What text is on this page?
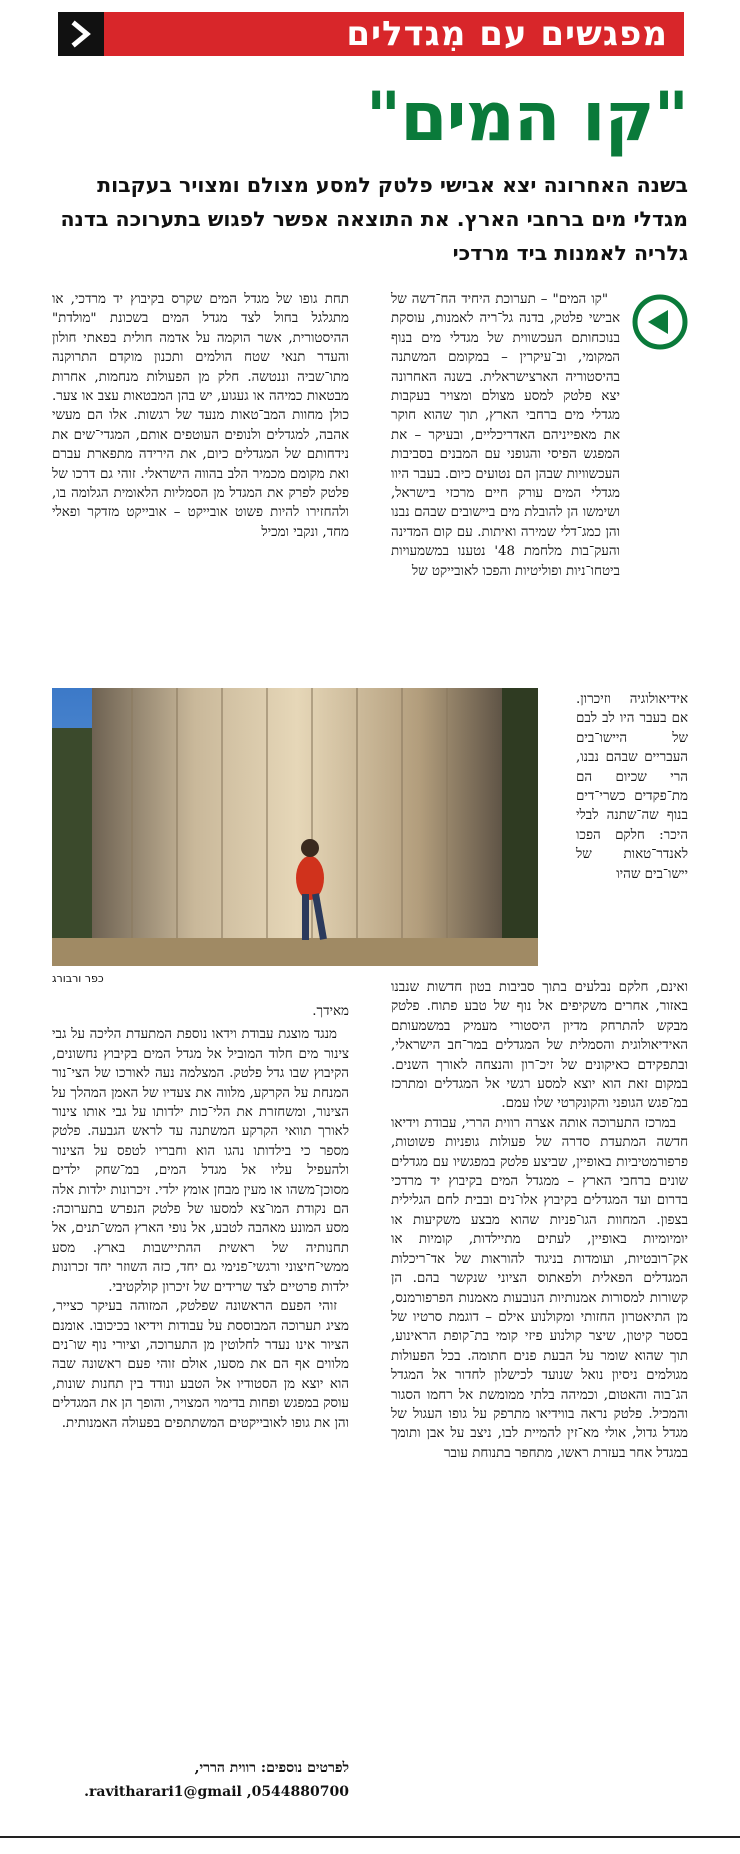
מפגשים עם מִגדלים
"קו המים"
בשנה האחרונה יצא אבישי פלטק למסע מצולם ומצויר בעקבות מגדלי מים ברחבי הארץ. את התוצאה אפשר לפגוש בתערוכה בדנה גלריה לאמנות ביד מרדכי

"קו המים" – תערוכת היחיד הח־דשה של אבישי פלטק, בדנה גל־ריה לאמנות, עוסקת בנוכחותם העכשווית של מגדלי מים בנוף המקומי, וב־עיקרין – במקומם המשתנה בהיסטוריה הארצישראלית. בשנה האחרונה יצא פלטק למסע מצולם ומצויר בעקבות מגדלי מים ברחבי הארץ, תוך שהוא חוקר את מאפייניהם האדריכליים, ובעיקר – את המפגש הפיסי והגופני עם המבנים בסביבות העכשוויות שבהן הם נטועים כיום. בעבר היוו מגדלי המים עורק חיים מרכזי בישראל, ושימשו הן להובלת מים ביישובים שבהם נבנו והן כמג־דלי שמירה ואיתות. עם קום המדינה והעק־בות מלחמת 48' נטענו במשמעויות ביטחו־ניות ופוליטיות והפכו לאובייקט של

אידיאולוגיה וזיכרון. אם בעבר היו לב לבם של היישו־בים העבריים שבהם נבנו, הרי שכיום הם מת־פקדים כשרי־דים בנוף שה־שתנה לבלי היכר: חלקם הפכו לאנדר־טאות של יישו־בים שהיו

ואינם, חלקם נבלעים בתוך סביבות בטון חדשות שנבנו באזור, אחרים משקיפים אל נוף של טבע פתוח. פלטק מבקש להתרחק מדיון היסטורי מעמיק במשמעותם האידיאולוגית והסמלית של המגדלים במר־חב הישראלי, ובתפקידם כאיקונים של זיכ־רון והנצחה לאורך השנים. במקום זאת הוא יוצא למסע רגשי אל המגדלים ומתרכז במ־פגש הגופני והקונקרטי שלו עמם.

במרכז התערוכה אותה אצרה רווית הררי, עבודת וידיאו חדשה המתעדת סדרה של פעולות גופניות פשוטות, פרפורמטיביות באופיין, שביצע פלטק במפגשיו עם מגדלים שונים ברחבי הארץ – ממגדל המים בקיבוץ יד מרדכי בדרום ועד המגדלים בקיבוץ אלו־נים ובבית לחם הגלילית בצפון. המחוות הגו־פניות שהוא מבצע משקיעות או יומיומיות באופיין, לעתים מתיילדות, קומיות או אק־רובטיות, ועומדות בניגוד להוראות של אד־ריכלות המגדלים הפאלית ולפאתוס הציוני שנקשר בהם. הן קשורות למסורות אמנותיות הנובעות מאמנות הפרפורמנס, מן התיאטרון החזותי ומקולנוע אילם – דוגמת סרטיו של בסטר קיטון, שיצר קולנוע פיזי קומי בת־קופת הראינוע, תוך שהוא שומר על הבעת פנים חתומה. בכל הפעולות מגולמים ניסיון נואל שנועד לכישלון לחדור אל המגדל הג־בוה והאטום, וכמיהה בלתי ממומשת אל רחמו הסגור והמכיל. פלטק נראה בווידיאו מתרפק על גופו העגול של מגדל גדול, אולי מא־זין להמיית לבו, ניצב על אבן ותומך במגדל אחר בעזרת ראשו, מתחפר בתנוחת עובר

תחת גופו של מגדל המים שקרס בקיבוץ יד מרדכי, או מתגלגל בחול לצד מגדל המים בשכונת "מולדת" ההיסטורית, אשר הוקמה על אדמה חולית בפאתי חולון והעדר תנאי שטח הולמים ותכנון מוקדם התרוקנה מתו־שביה וננטשה. חלק מן הפעולות מנחמות, אחרות מבטאות כמיהה או געגוע, יש בהן המבטאות עצב או צער. כולן מחוות המב־טאות מנעד של רגשות. אלו הם מעשי אהבה, למגדלים ולנופים העוטפים אותם, המגדי־שים את נידחותם של המגדלים כיום, את הירידה מתפארת עברם ואת מקומם מכמיר הלב בהווה הישראלי. זוהי גם דרכו של פלטק לפרק את המגדל מן הסמליות הלאומית הגלומה בו, ולהחזירו להיות פשוט אובייקט – אובייקט מזדקר ופאלי מחד, ונקבי ומכיל

כפר ורבורג

מאידך.

מנגד מוצגת עבודת וידאו נוספת המתעדת הליכה על גבי צינור מים חלוד המוביל אל מגדל המים בקיבוץ נחשונים, הקיבוץ שבו גדל פלטק. המצלמה נעה לאורכו של הצי־נור המנחת על הקרקע, מלווה את צעדיו של האמן המהלך על הצינור, ומשחזרת את הלי־כות ילדותו על גבי אותו צינור לאורך תוואי הקרקע המשתנה עד לראש הגבעה. פלטק מספר כי בילדותו נהגו הוא וחבריו לטפס על הצינור ולהעפיל עליו אל מגדל המים, במ־שחק ילדים מסוכן־משהו או מעין מבחן אומץ ילדי. זיכרונות ילדות אלה הם נקודת המו־צא למסעו של פלטק הנפרש בתערוכה: מסע המונע מאהבה לטבע, אל נופי הארץ המש־תנים, אל תחנותיה של ראשית ההתיישבות בארץ. מסע ממשי־חיצוני ורגשי־פנימי גם יחד, כזה השוזר יחד זכרונות ילדות פרטיים לצד שרידים של זיכרון קולקטיבי.

זוהי הפעם הראשונה שפלטק, המזוהה בעיקר כצייר, מציג תערוכה המבוססת על עבודות וידיאו בכיכובו. אומנם הציור אינו נעדר לחלוטין מן התערוכה, וציורי נוף שו־נים מלווים אף הם את מסעו, אולם זוהי פעם ראשונה שבה הוא יוצא מן הסטודיו אל הטבע ונודד בין תחנות שונות, עוסק במפגש ופחות בדימוי המצויר, והופך הן את המגדלים והן את גופו לאובייקטים המשתתפים בפעולה האמנותית.

לפרטים נוספים: רווית הררי,
0544880700, ravitharari1@gmail.
